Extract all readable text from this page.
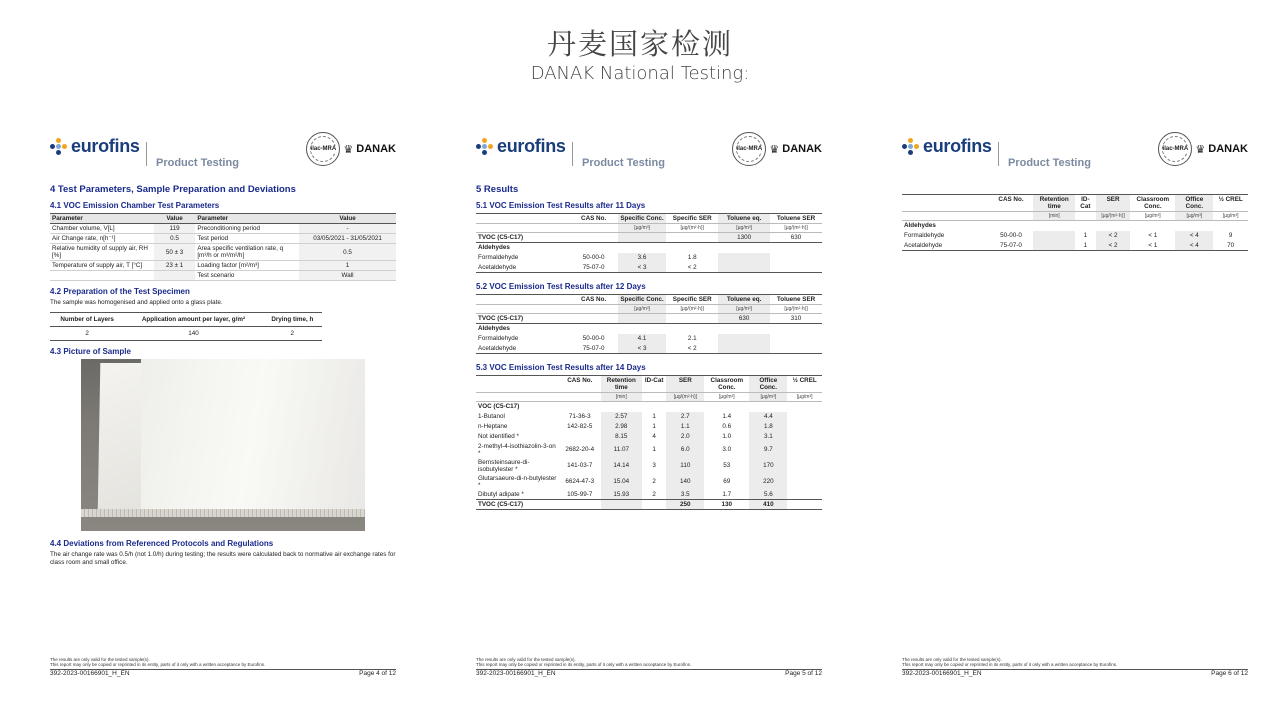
丹麦国家检测
DANAK National Testing:
eurofins
Product Testing
ilac-MRA ♛ DANAK
4 Test Parameters, Sample Preparation and Deviations
4.1 VOC Emission Chamber Test Parameters
Parameter	Value	Parameter	Value
Chamber volume, V[L]	119	Preconditioning period	-
Air Change rate, n[h⁻¹]	0.5	Test period	03/05/2021 - 31/05/2021
Relative humidity of supply air, RH [%]	50 ± 3	Area specific ventilation rate, q [m³/h or m³/m²/h]	0.5
Temperature of supply air, T [°C]	23 ± 1	Loading factor [m²/m³]	1
		Test scenario	Wall
4.2 Preparation of the Test Specimen
The sample was homogenised and applied onto a glass plate.
Number of Layers	Application amount per layer, g/m²	Drying time, h
2	140	2
4.3 Picture of Sample
4.4 Deviations from Referenced Protocols and Regulations
The air change rate was 0.5/h (not 1.0/h) during testing; the results were calculated back to normative air exchange rates for class room and small office.
The results are only valid for the tested sample(s).
This report may only be copied or reprinted in its entity, parts of it only with a written acceptance by Eurofins.
392-2023-00166901_H_EN	Page 4 of 12
eurofins
Product Testing
ilac-MRA ♛ DANAK
5 Results
5.1 VOC Emission Test Results after 11 Days
	CAS No.	Specific Conc.	Specific SER	Toluene eq.	Toluene SER
		[µg/m³]	[µg/(m²·h)]	[µg/m³]	[µg/(m²·h)]
TVOC (C5-C17)				1300	630
Aldehydes					
Formaldehyde	50-00-0	3.6	1.8		
Acetaldehyde	75-07-0	< 3	< 2		
5.2 VOC Emission Test Results after 12 Days
	CAS No.	Specific Conc.	Specific SER	Toluene eq.	Toluene SER
		[µg/m³]	[µg/(m²·h)]	[µg/m³]	[µg/(m²·h)]
TVOC (C5-C17)				630	310
Aldehydes					
Formaldehyde	50-00-0	4.1	2.1		
Acetaldehyde	75-07-0	< 3	< 2		
5.3 VOC Emission Test Results after 14 Days
	CAS No.	Retention time	ID-Cat	SER	Classroom Conc.	Office Conc.	½ CREL
		[min]		[µg/(m²·h)]	[µg/m³]	[µg/m³]	[µg/m³]
VOC (C5-C17)							
1-Butanol	71-36-3	2.57	1	2.7	1.4	4.4	
n-Heptane	142-82-5	2.98	1	1.1	0.6	1.8	
Not identified *		8.15	4	2.0	1.0	3.1	
2-methyl-4-isothiazolin-3-on *	2682-20-4	11.07	1	6.0	3.0	9.7	
Bernsteinsaure-di-isobutylester *	141-03-7	14.14	3	110	53	170	
Glutarsaeure-di-n-butylester *	6624-47-3	15.04	2	140	69	220	
Dibutyl adipate *	105-99-7	15.93	2	3.5	1.7	5.6	
TVOC (C5-C17)				250	130	410	
The results are only valid for the tested sample(s).
This report may only be copied or reprinted in its entity, parts of it only with a written acceptance by Eurofins.
392-2023-00166901_H_EN	Page 5 of 12
eurofins
Product Testing
ilac-MRA ♛ DANAK
	CAS No.	Retention time	ID-Cat	SER	Classroom Conc.	Office Conc.	½ CREL
		[min]		[µg/(m²·h)]	[µg/m³]	[µg/m³]	[µg/m³]
Aldehydes							
Formaldehyde	50-00-0		1	< 2	< 1	< 4	9
Acetaldehyde	75-07-0		1	< 2	< 1	< 4	70
The results are only valid for the tested sample(s).
This report may only be copied or reprinted in its entity, parts of it only with a written acceptance by Eurofins.
392-2023-00166901_H_EN	Page 6 of 12
